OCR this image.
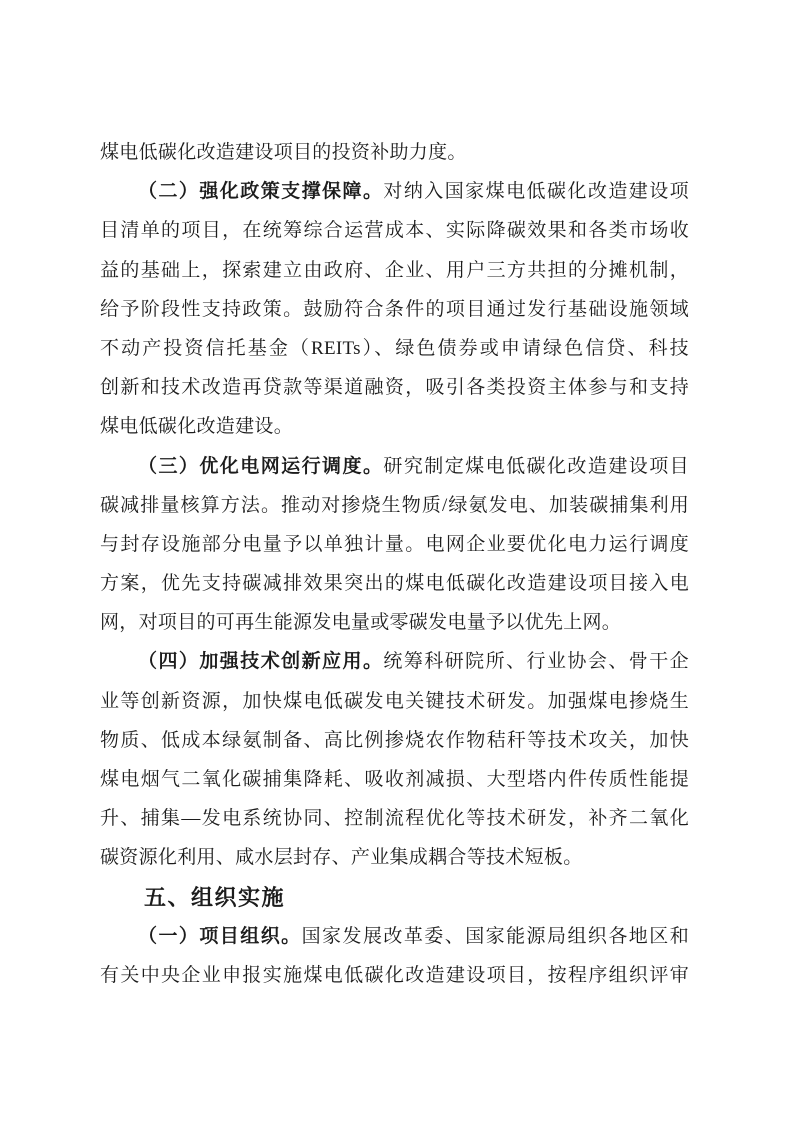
煤电低碳化改造建设项目的投资补助力度。
（二）强化政策支撑保障。对纳入国家煤电低碳化改造建设项
目清单的项目，在统筹综合运营成本、实际降碳效果和各类市场收
益的基础上，探索建立由政府、企业、用户三方共担的分摊机制，
给予阶段性支持政策。鼓励符合条件的项目通过发行基础设施领域
不动产投资信托基金（REITs）、绿色债券或申请绿色信贷、科技
创新和技术改造再贷款等渠道融资，吸引各类投资主体参与和支持
煤电低碳化改造建设。
（三）优化电网运行调度。研究制定煤电低碳化改造建设项目
碳减排量核算方法。推动对掺烧生物质/绿氨发电、加装碳捕集利用
与封存设施部分电量予以单独计量。电网企业要优化电力运行调度
方案，优先支持碳减排效果突出的煤电低碳化改造建设项目接入电
网，对项目的可再生能源发电量或零碳发电量予以优先上网。
（四）加强技术创新应用。统筹科研院所、行业协会、骨干企
业等创新资源，加快煤电低碳发电关键技术研发。加强煤电掺烧生
物质、低成本绿氨制备、高比例掺烧农作物秸秆等技术攻关，加快
煤电烟气二氧化碳捕集降耗、吸收剂减损、大型塔内件传质性能提
升、捕集—发电系统协同、控制流程优化等技术研发，补齐二氧化
碳资源化利用、咸水层封存、产业集成耦合等技术短板。
五、组织实施
（一）项目组织。国家发展改革委、国家能源局组织各地区和
有关中央企业申报实施煤电低碳化改造建设项目，按程序组织评审
